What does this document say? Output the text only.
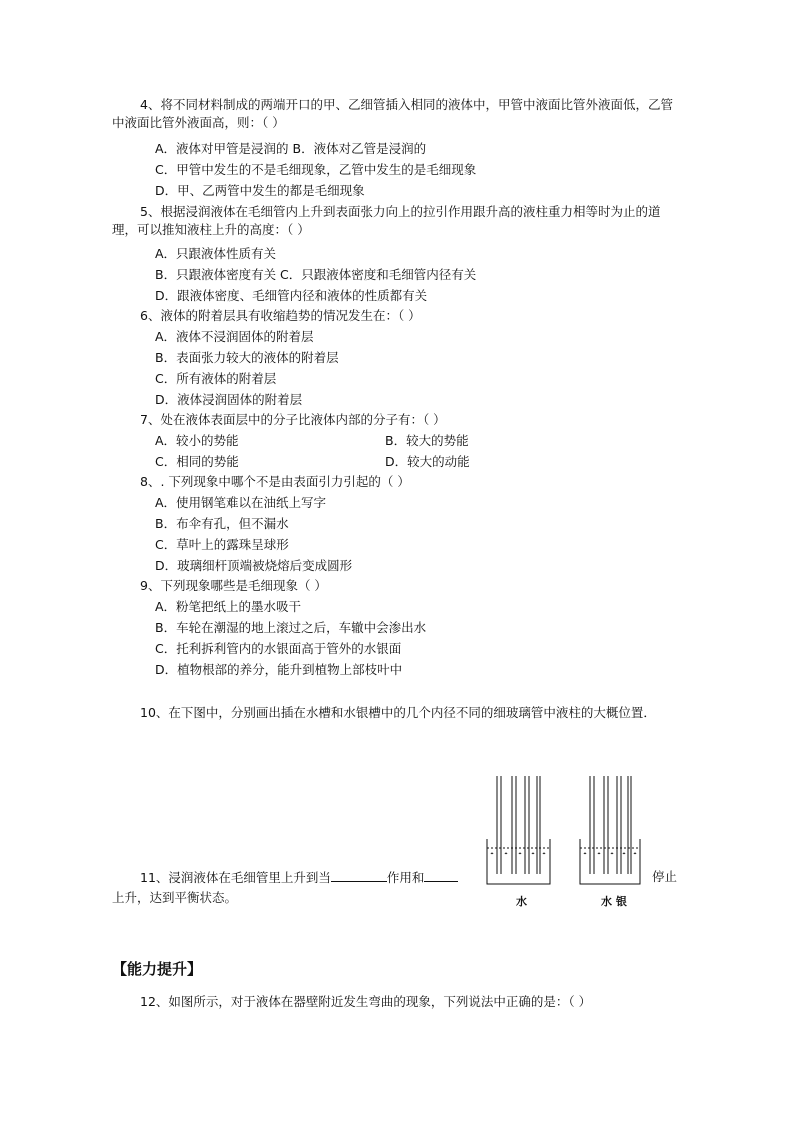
4、将不同材料制成的两端开口的甲、乙细管插入相同的液体中，甲管中液面比管外液面低，乙管中液面比管外液面高，则：（ ）
A．液体对甲管是浸润的 B．液体对乙管是浸润的
C．甲管中发生的不是毛细现象，乙管中发生的是毛细现象
D．甲、乙两管中发生的都是毛细现象
5、根据浸润液体在毛细管内上升到表面张力向上的拉引作用跟升高的液柱重力相等时为止的道理，可以推知液柱上升的高度：（ ）
A．只跟液体性质有关
B．只跟液体密度有关 C．只跟液体密度和毛细管内径有关
D．跟液体密度、毛细管内径和液体的性质都有关
6、液体的附着层具有收缩趋势的情况发生在：（ ）
A．液体不浸润固体的附着层
B．表面张力较大的液体的附着层
C．所有液体的附着层
D．液体浸润固体的附着层
7、处在液体表面层中的分子比液体内部的分子有：（ ）
A．较小的势能	B．较大的势能
C．相同的势能	D．较大的动能
8、. 下列现象中哪个不是由表面引力引起的（ ）
A．使用钢笔难以在油纸上写字
B．布伞有孔，但不漏水
C．草叶上的露珠呈球形
D．玻璃细杆顶端被烧熔后变成圆形
9、下列现象哪些是毛细现象（ ）
A．粉笔把纸上的墨水吸干
B．车轮在潮湿的地上滚过之后，车辙中会渗出水
C．托利拆利管内的水银面高于管外的水银面
D．植物根部的养分，能升到植物上部枝叶中
10、在下图中，分别画出插在水槽和水银槽中的几个内径不同的细玻璃管中液柱的大概位置．
水	水 银
11、浸润液体在毛细管里上升到当	作用和	停止
上升，达到平衡状态。
【能力提升】
12、如图所示，对于液体在器壁附近发生弯曲的现象，下列说法中正确的是：（ ）
